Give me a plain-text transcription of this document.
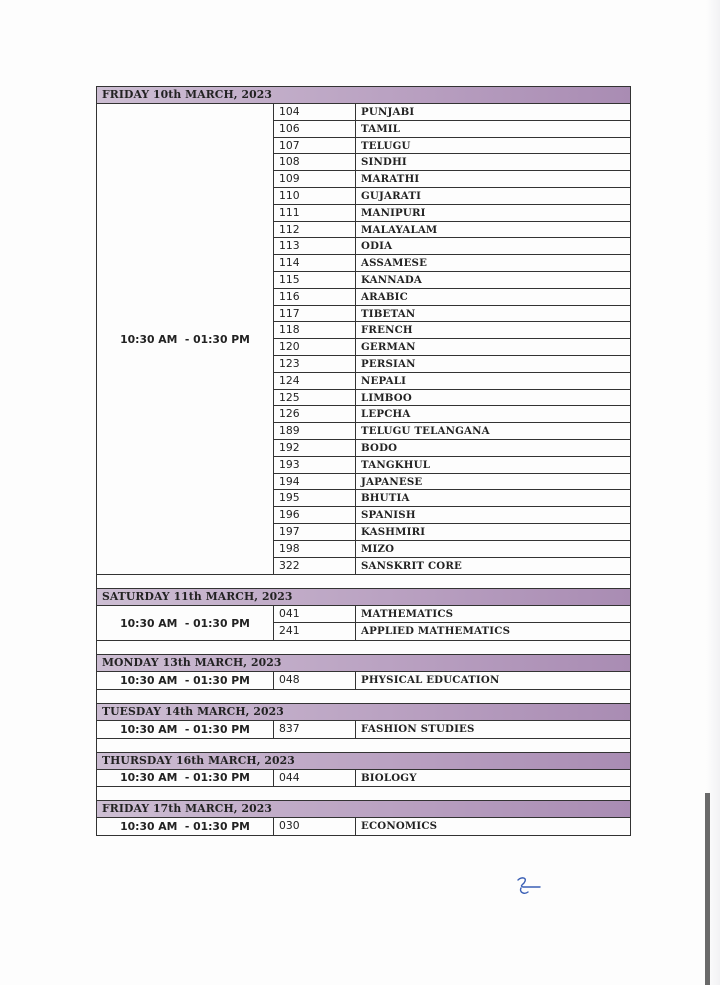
FRIDAY 10th MARCH, 2023
10:30 AM  - 01:30 PM
104	PUNJABI
106	TAMIL
107	TELUGU
108	SINDHI
109	MARATHI
110	GUJARATI
111	MANIPURI
112	MALAYALAM
113	ODIA
114	ASSAMESE
115	KANNADA
116	ARABIC
117	TIBETAN
118	FRENCH
120	GERMAN
123	PERSIAN
124	NEPALI
125	LIMBOO
126	LEPCHA
189	TELUGU TELANGANA
192	BODO
193	TANGKHUL
194	JAPANESE
195	BHUTIA
196	SPANISH
197	KASHMIRI
198	MIZO
322	SANSKRIT CORE
SATURDAY 11th MARCH, 2023
10:30 AM  - 01:30 PM
041	MATHEMATICS
241	APPLIED MATHEMATICS
MONDAY 13th MARCH, 2023
10:30 AM  - 01:30 PM	048	PHYSICAL EDUCATION
TUESDAY 14th MARCH, 2023
10:30 AM  - 01:30 PM	837	FASHION STUDIES
THURSDAY 16th MARCH, 2023
10:30 AM  - 01:30 PM	044	BIOLOGY
FRIDAY 17th MARCH, 2023
10:30 AM  - 01:30 PM	030	ECONOMICS
